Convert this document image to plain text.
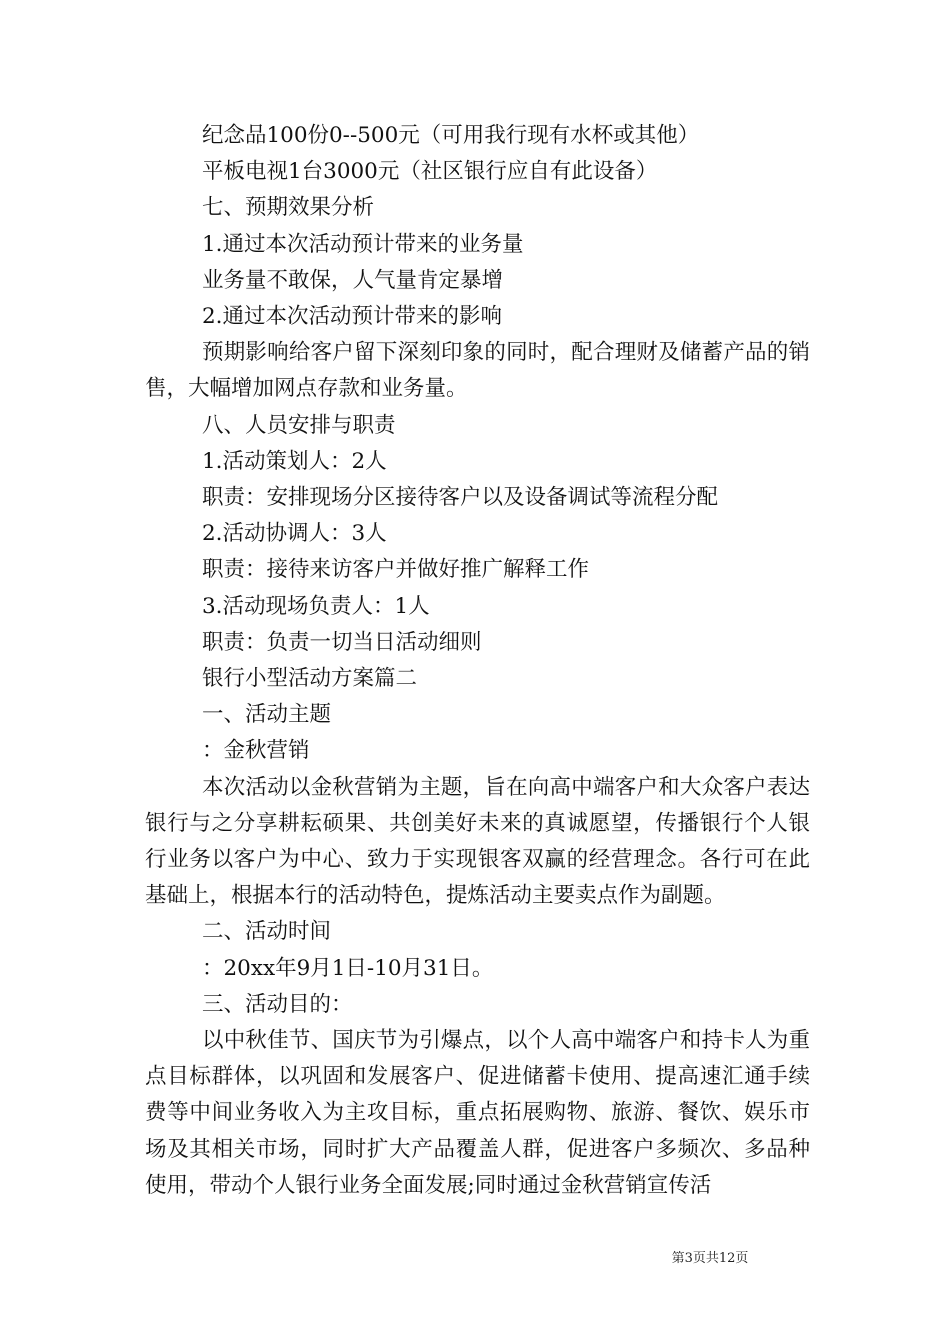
纪念品100份0--500元（可用我行现有水杯或其他）

平板电视1台3000元（社区银行应自有此设备）

七、预期效果分析

1.通过本次活动预计带来的业务量

业务量不敢保，人气量肯定暴增

2.通过本次活动预计带来的影响

预期影响给客户留下深刻印象的同时，配合理财及储蓄产品的销售，大幅增加网点存款和业务量。

八、人员安排与职责

1.活动策划人：2人

职责：安排现场分区接待客户以及设备调试等流程分配

2.活动协调人：3人

职责：接待来访客户并做好推广解释工作

3.活动现场负责人：1人

职责：负责一切当日活动细则

银行小型活动方案篇二

一、活动主题

：金秋营销

本次活动以金秋营销为主题，旨在向高中端客户和大众客户表达银行与之分享耕耘硕果、共创美好未来的真诚愿望，传播银行个人银行业务以客户为中心、致力于实现银客双赢的经营理念。各行可在此基础上，根据本行的活动特色，提炼活动主要卖点作为副题。

二、活动时间

：20xx年9月1日-10月31日。

三、活动目的：

以中秋佳节、国庆节为引爆点，以个人高中端客户和持卡人为重点目标群体，以巩固和发展客户、促进储蓄卡使用、提高速汇通手续费等中间业务收入为主攻目标，重点拓展购物、旅游、餐饮、娱乐市场及其相关市场，同时扩大产品覆盖人群，促进客户多频次、多品种使用，带动个人银行业务全面发展;同时通过金秋营销宣传活

第3页共12页
